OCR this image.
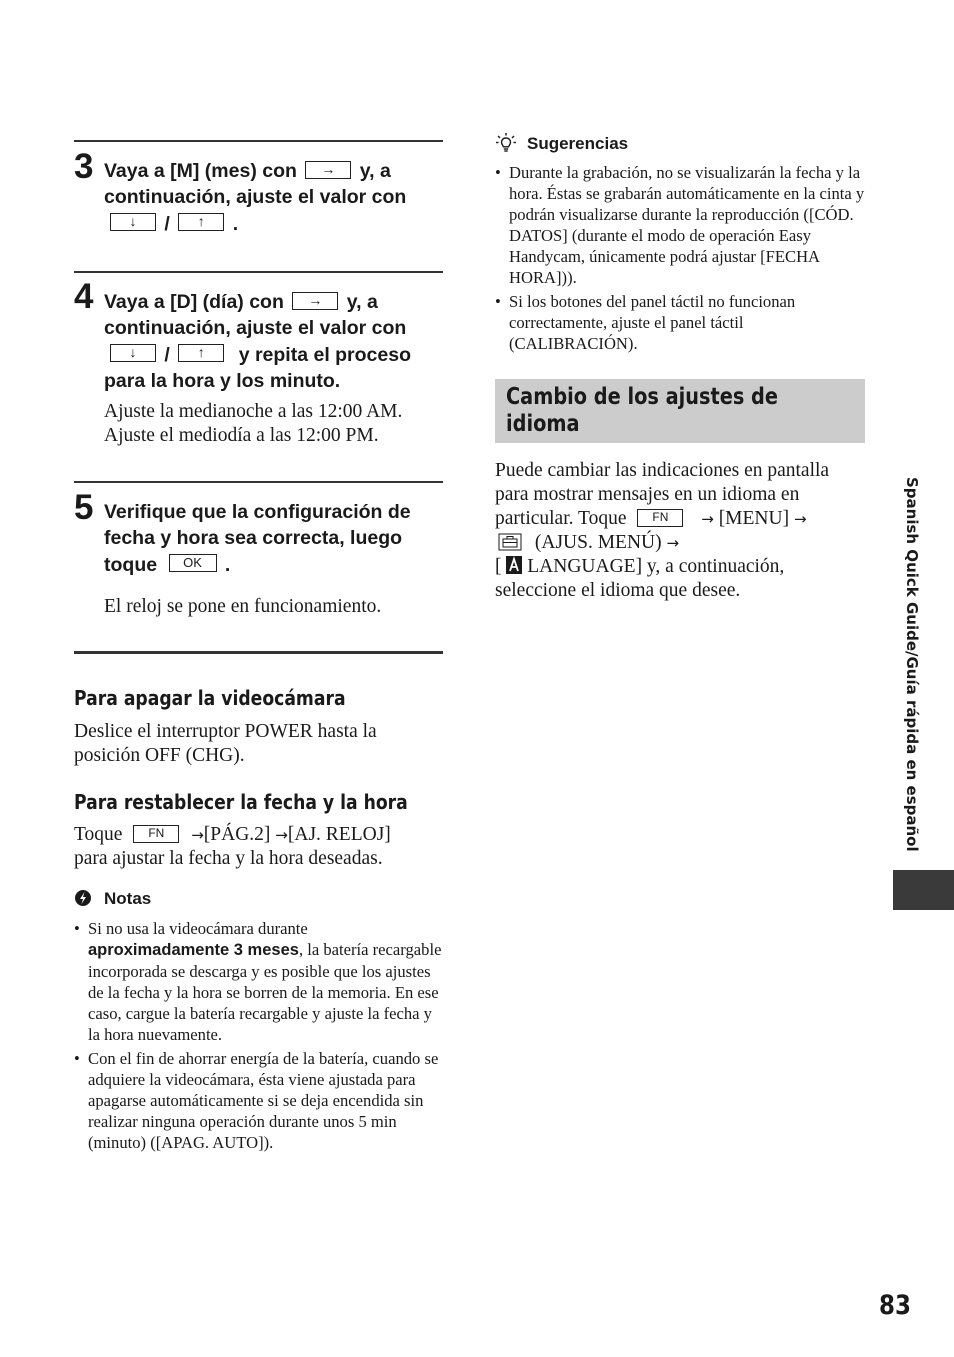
3 Vaya a [M] (mes) con → y, a
continuación, ajuste el valor con
↓ / ↑ .
4 Vaya a [D] (día) con → y, a
continuación, ajuste el valor con
↓ / ↑ y repita el proceso
para la hora y los minuto.
Ajuste la medianoche a las 12:00 AM.
Ajuste el mediodía a las 12:00 PM.
5 Verifique que la configuración de
fecha y hora sea correcta, luego
toque OK .
El reloj se pone en funcionamiento.
Para apagar la videocámara
Deslice el interruptor POWER hasta la posición OFF (CHG).
Para restablecer la fecha y la hora
Toque FN →[PÁG.2] →[AJ. RELOJ]
para ajustar la fecha y la hora deseadas.
Notas
• Si no usa la videocámara durante
aproximadamente 3 meses, la batería recargable incorporada se descarga y es posible que los ajustes de la fecha y la hora se borren de la memoria. En ese caso, cargue la batería recargable y ajuste la fecha y la hora nuevamente.
• Con el fin de ahorrar energía de la batería, cuando se adquiere la videocámara, ésta viene ajustada para apagarse automáticamente si se deja encendida sin realizar ninguna operación durante unos 5 min (minuto) ([APAG. AUTO]).
Sugerencias
• Durante la grabación, no se visualizarán la fecha y la hora. Éstas se grabarán automáticamente en la cinta y podrán visualizarse durante la reproducción ([CÓD. DATOS] (durante el modo de operación Easy Handycam, únicamente podrá ajustar [FECHA HORA])).
• Si los botones del panel táctil no funcionan correctamente, ajuste el panel táctil (CALIBRACIÓN).
Cambio de los ajustes de idioma
Puede cambiar las indicaciones en pantalla para mostrar mensajes en un idioma en particular. Toque FN → [MENU] →
(AJUS. MENÚ) →
[ LANGUAGE] y, a continuación, seleccione el idioma que desee.	Spanish Quick Guide/Guía rápida en español
83
